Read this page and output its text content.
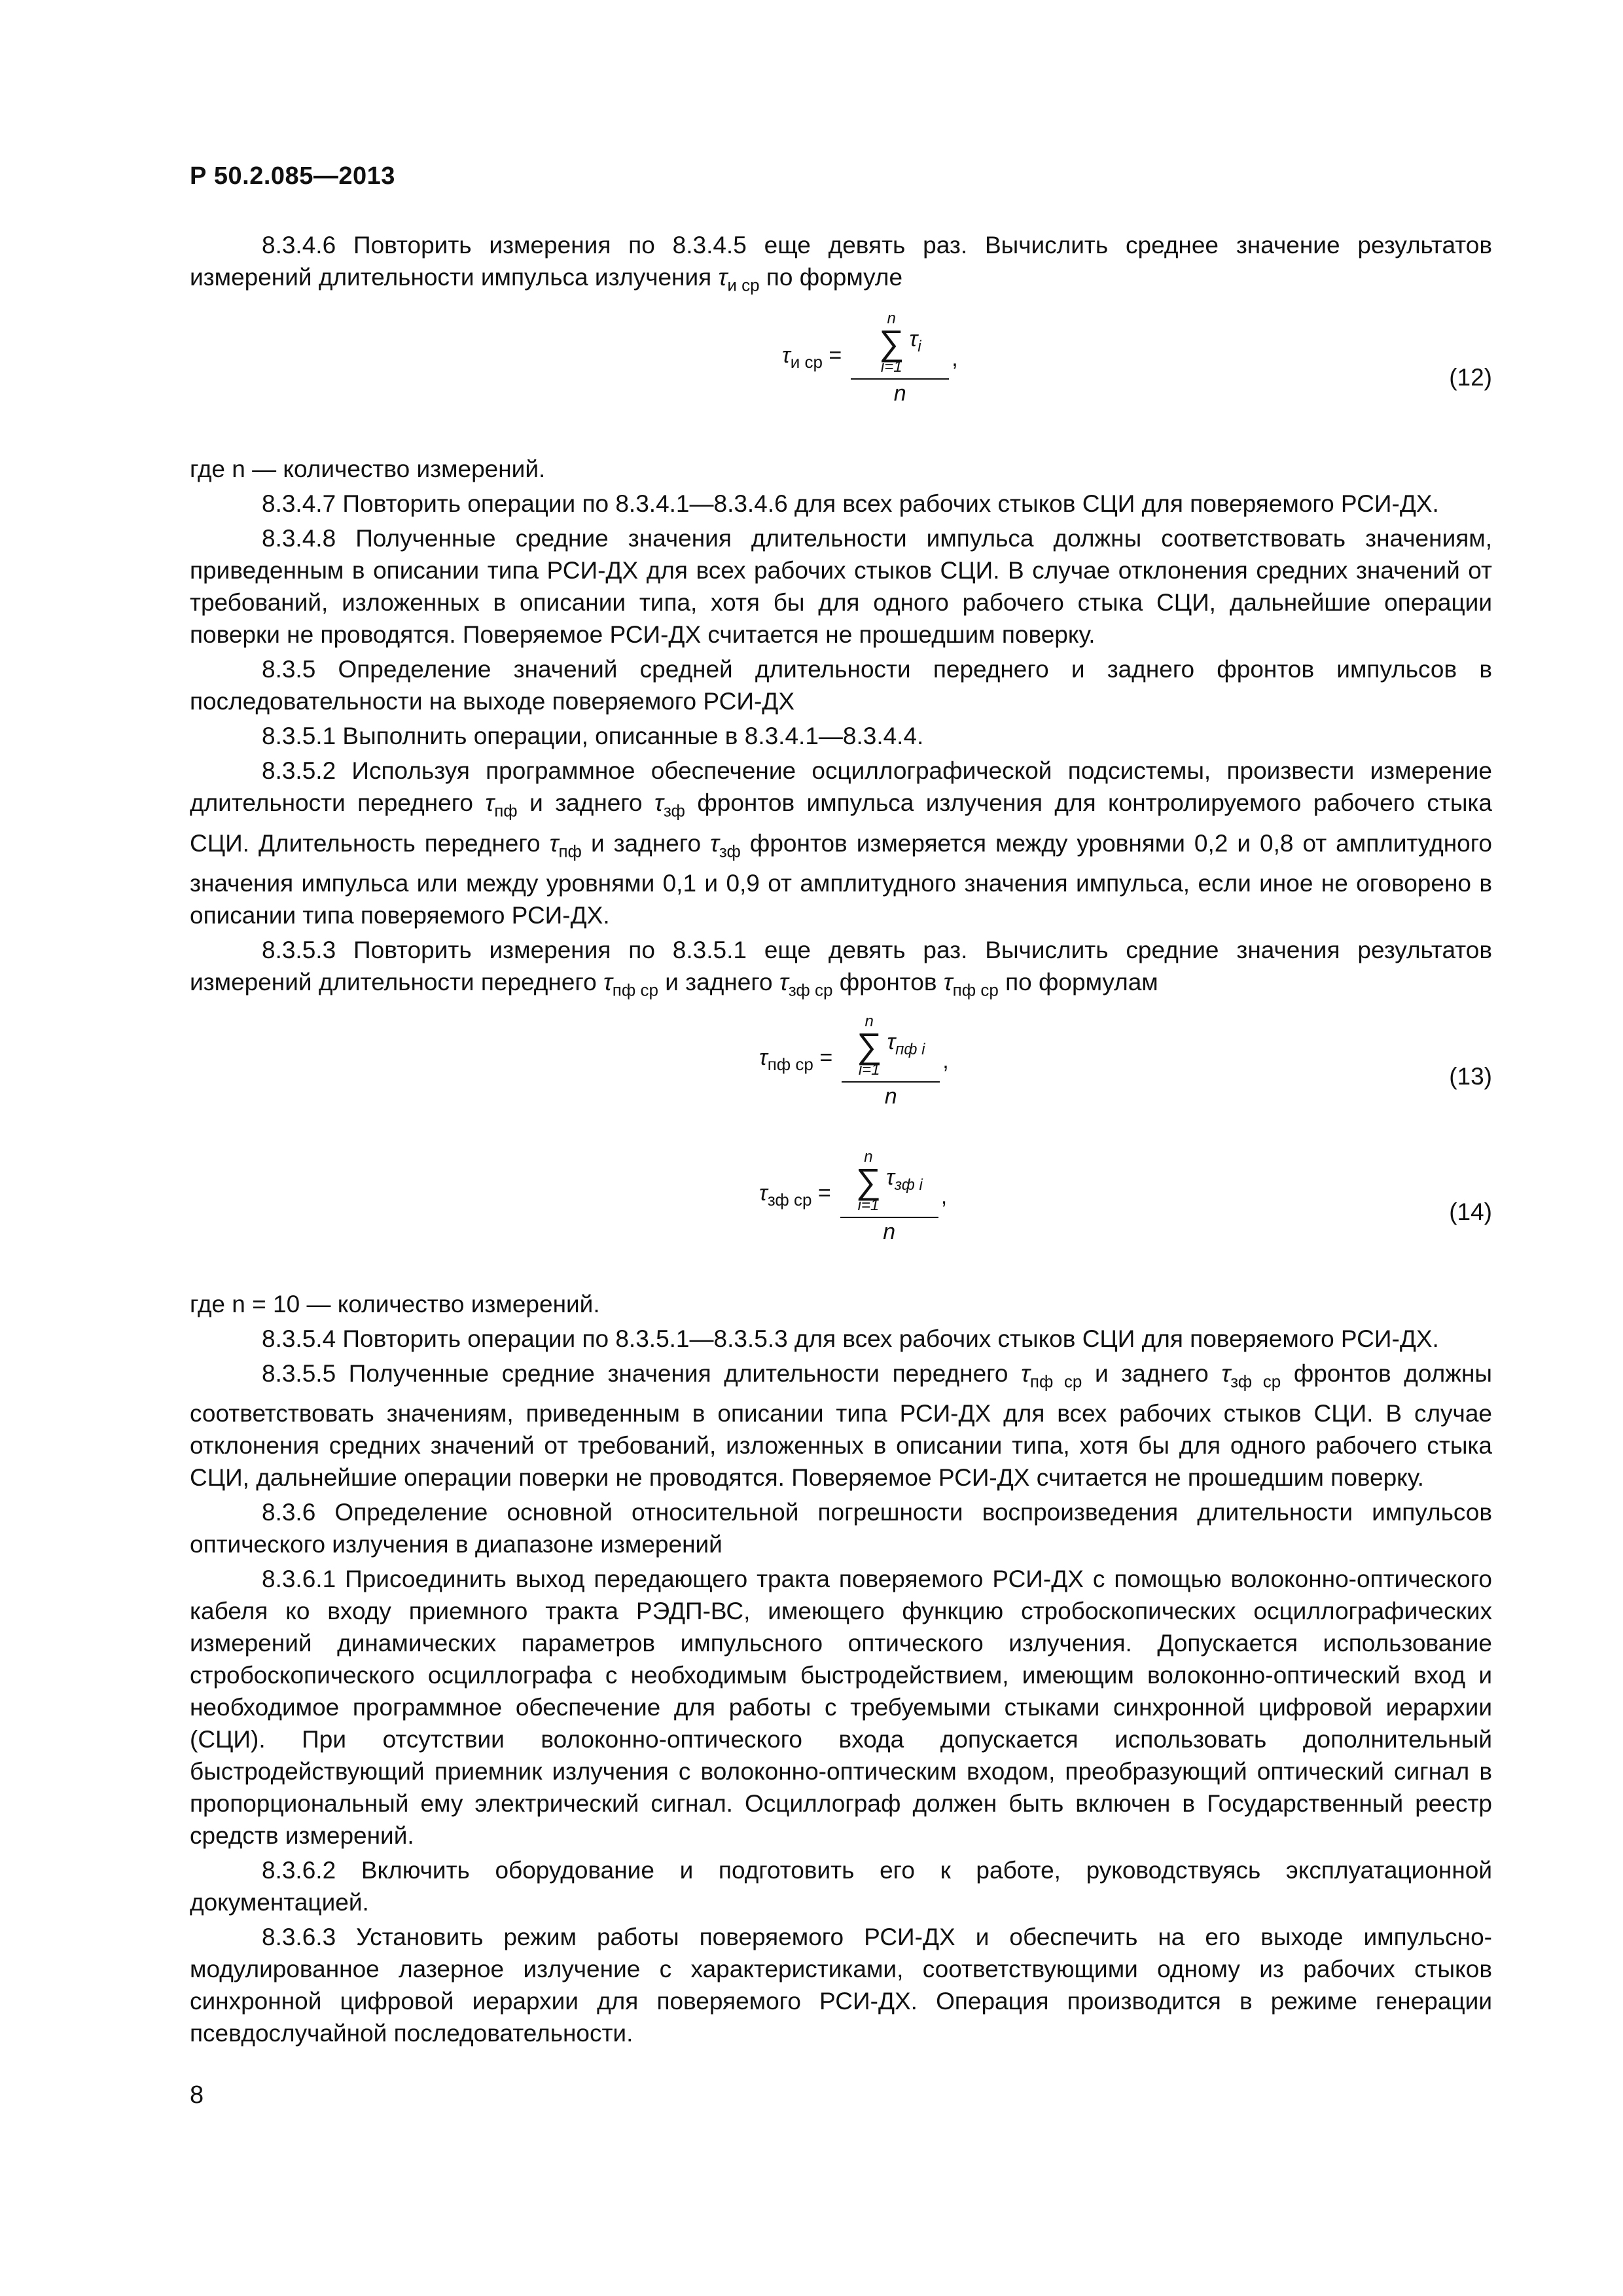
Р 50.2.085—2013

8.3.4.6 Повторить измерения по 8.3.4.5 еще девять раз. Вычислить среднее значение результатов измерений длительности импульса излучения $\tau_{и ср}$ по формуле

$\tau_{и ср}$ =
n
∑
i=1
$\tau_i$
n
,
(12)

где n — количество измерений.

8.3.4.7 Повторить операции по 8.3.4.1—8.3.4.6 для всех рабочих стыков СЦИ для поверяемого РСИ-ДХ.

8.3.4.8 Полученные средние значения длительности импульса должны соответствовать значениям, приведенным в описании типа РСИ-ДХ для всех рабочих стыков СЦИ. В случае отклонения средних значений от требований, изложенных в описании типа, хотя бы для одного рабочего стыка СЦИ, дальнейшие операции поверки не проводятся. Поверяемое РСИ-ДХ считается не прошедшим поверку.

8.3.5 Определение значений средней длительности переднего и заднего фронтов импульсов в последовательности на выходе поверяемого РСИ-ДХ

8.3.5.1 Выполнить операции, описанные в 8.3.4.1—8.3.4.4.

8.3.5.2 Используя программное обеспечение осциллографической подсистемы, произвести измерение длительности переднего $\tau_{пф}$ и заднего $\tau_{зф}$ фронтов импульса излучения для контролируемого рабочего стыка СЦИ. Длительность переднего $\tau_{пф}$ и заднего $\tau_{зф}$ фронтов измеряется между уровнями 0,2 и 0,8 от амплитудного значения импульса или между уровнями 0,1 и 0,9 от амплитудного значения импульса, если иное не оговорено в описании типа поверяемого РСИ-ДХ.

8.3.5.3 Повторить измерения по 8.3.5.1 еще девять раз. Вычислить средние значения результатов измерений длительности переднего $\tau_{пф ср}$ и заднего $\tau_{зф ср}$ фронтов $\tau_{пф ср}$ по формулам

$\tau_{пф ср}$ =
n
∑
i=1
$\tau_{пф i}$
n
,
(13)
$\tau_{зф ср}$ =
n
∑
i=1
$\tau_{зф i}$
n
,
(14)

где n = 10 — количество измерений.

8.3.5.4 Повторить операции по 8.3.5.1—8.3.5.3 для всех рабочих стыков СЦИ для поверяемого РСИ-ДХ.

8.3.5.5 Полученные средние значения длительности переднего $\tau_{пф ср}$ и заднего $\tau_{зф ср}$ фронтов должны соответствовать значениям, приведенным в описании типа РСИ-ДХ для всех рабочих стыков СЦИ. В случае отклонения средних значений от требований, изложенных в описании типа, хотя бы для одного рабочего стыка СЦИ, дальнейшие операции поверки не проводятся. Поверяемое РСИ-ДХ считается не прошедшим поверку.

8.3.6 Определение основной относительной погрешности воспроизведения длительности импульсов оптического излучения в диапазоне измерений

8.3.6.1 Присоединить выход передающего тракта поверяемого РСИ-ДХ с помощью волоконно-оптического кабеля ко входу приемного тракта РЭДП-ВС, имеющего функцию стробоскопических осциллографических измерений динамических параметров импульсного оптического излучения. Допускается использование стробоскопического осциллографа с необходимым быстродействием, имеющим волоконно-оптический вход и необходимое программное обеспечение для работы с требуемыми стыками синхронной цифровой иерархии (СЦИ). При отсутствии волоконно-оптического входа допускается использовать дополнительный быстродействующий приемник излучения с волоконно-оптическим входом, преобразующий оптический сигнал в пропорциональный ему электрический сигнал. Осциллограф должен быть включен в Государственный реестр средств измерений.

8.3.6.2 Включить оборудование и подготовить его к работе, руководствуясь эксплуатационной документацией.

8.3.6.3 Установить режим работы поверяемого РСИ-ДХ и обеспечить на его выходе импульсно-модулированное лазерное излучение с характеристиками, соответствующими одному из рабочих стыков синхронной цифровой иерархии для поверяемого РСИ-ДХ. Операция производится в режиме генерации псевдослучайной последовательности.

8
